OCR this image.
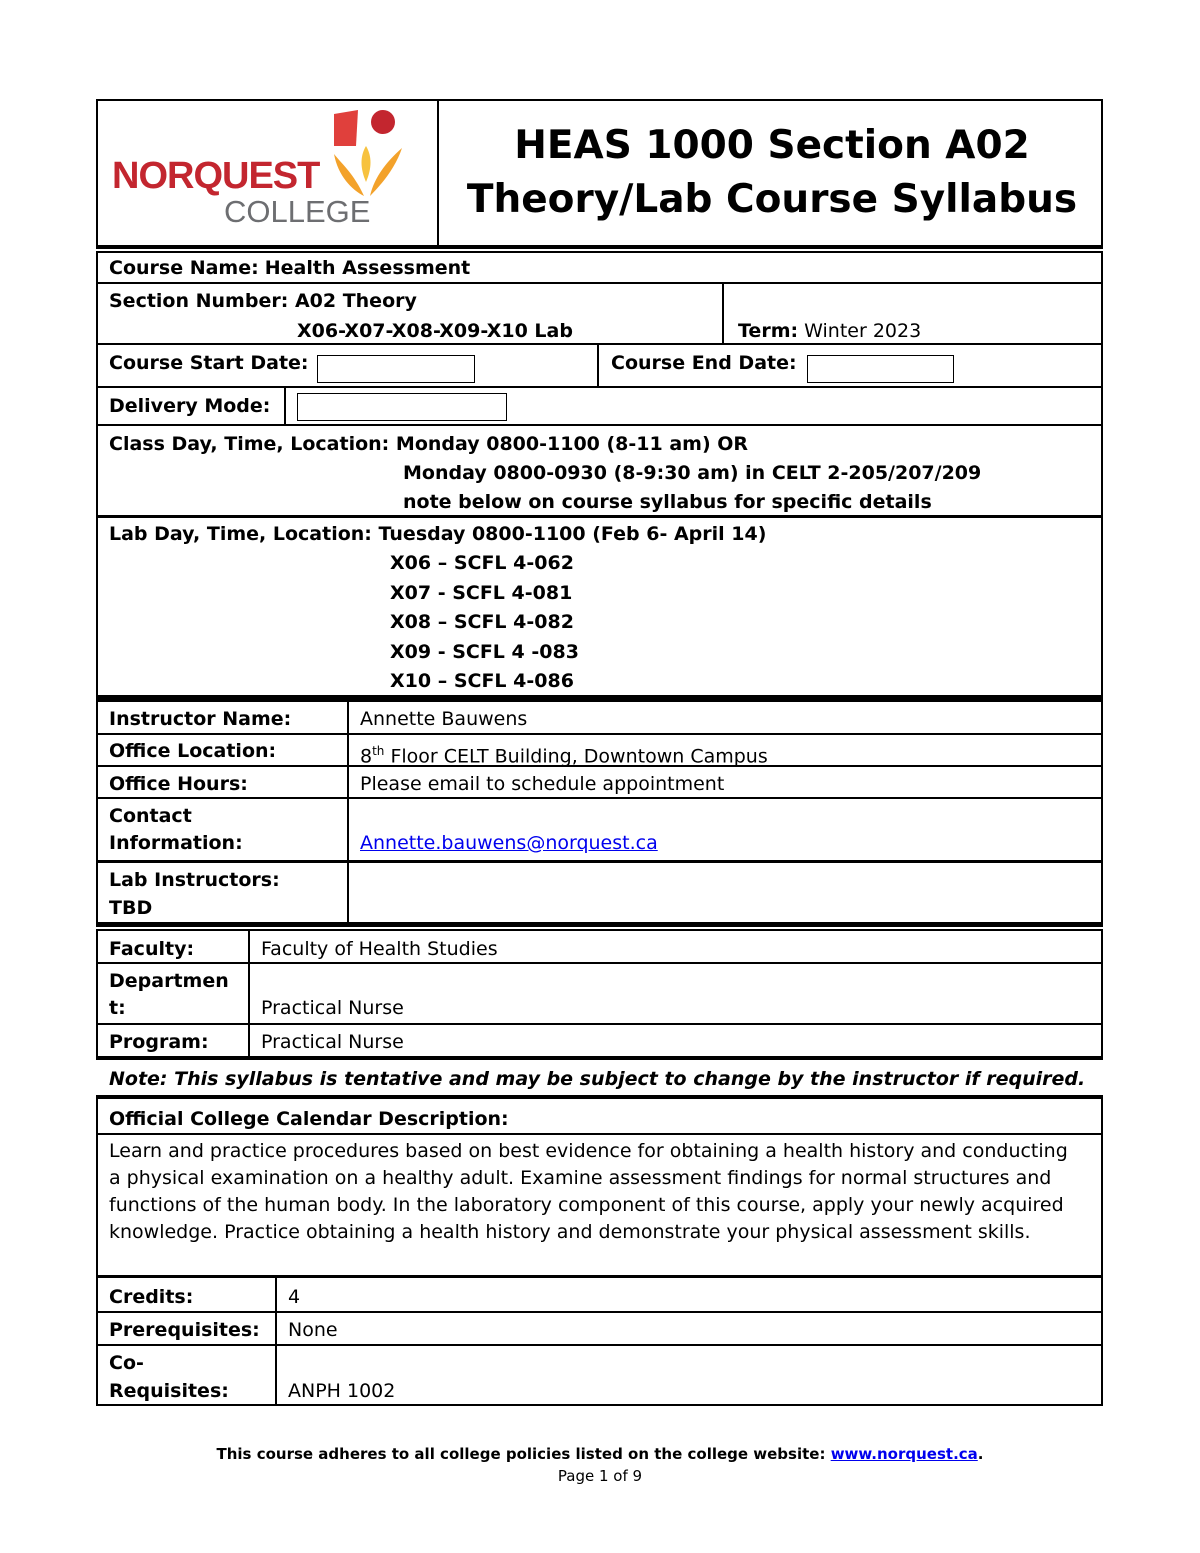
NORQUEST
COLLEGE
HEAS 1000 Section A02
Theory/Lab Course Syllabus
Course Name: Health Assessment
Section Number: A02 Theory
X06-X07-X08-X09-X10 Lab	Term: Winter 2023
Course Start Date:	Course End Date:
Delivery Mode:
Class Day, Time, Location: Monday 0800-1100 (8-11 am) OR
Monday 0800-0930 (8-9:30 am) in CELT 2-205/207/209
note below on course syllabus for specific details
Lab Day, Time, Location: Tuesday 0800-1100 (Feb 6- April 14)
X06 – SCFL 4-062
X07 - SCFL 4-081
X08 – SCFL 4-082
X09 - SCFL 4 -083
X10 – SCFL 4-086
Instructor Name:	Annette Bauwens
Office Location:	8th Floor CELT Building, Downtown Campus
Office Hours:	Please email to schedule appointment
Contact
Information:	Annette.bauwens@norquest.ca
Lab Instructors:
TBD
Faculty:	Faculty of Health Studies
Departmen
t:	Practical Nurse
Program:	Practical Nurse
Note: This syllabus is tentative and may be subject to change by the instructor if required.
Official College Calendar Description:
Learn and practice procedures based on best evidence for obtaining a health history and conducting a physical examination on a healthy adult. Examine assessment findings for normal structures and functions of the human body. In the laboratory component of this course, apply your newly acquired knowledge. Practice obtaining a health history and demonstrate your physical assessment skills.
Credits:	4
Prerequisites: None
Co-
Requisites:	ANPH 1002
This course adheres to all college policies listed on the college website: www.norquest.ca.
Page 1 of 9
